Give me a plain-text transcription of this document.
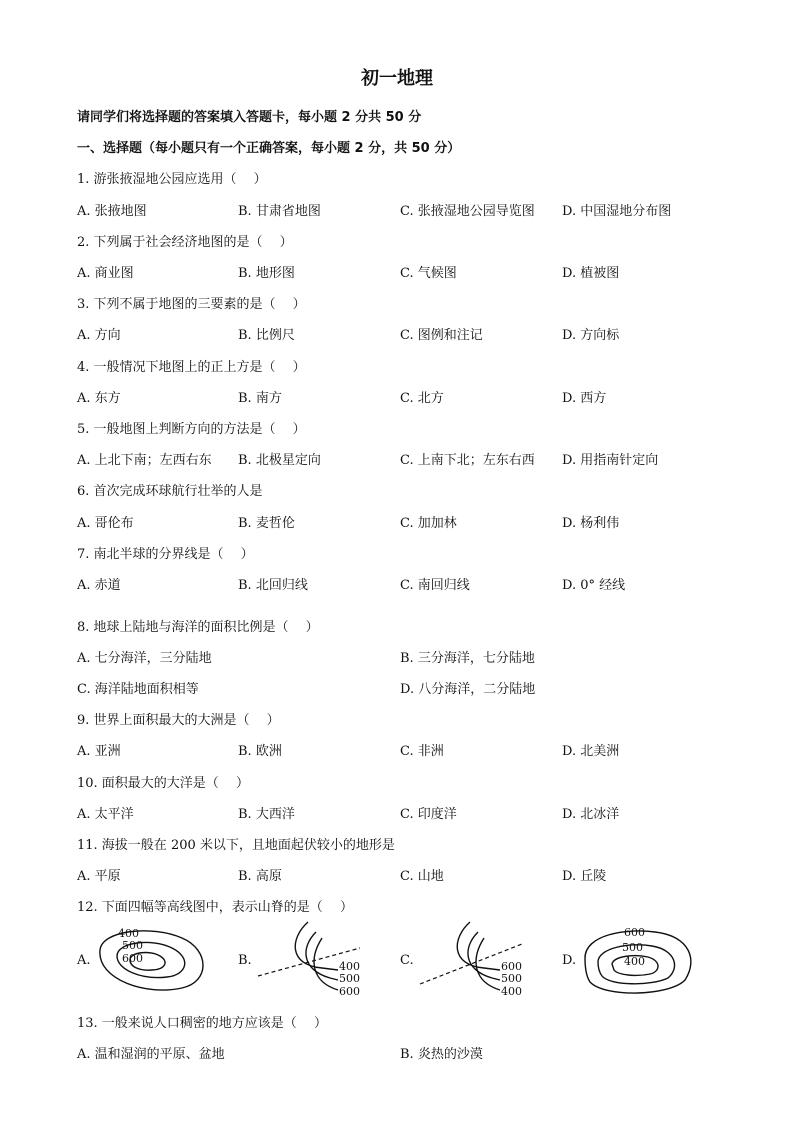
初一地理
请同学们将选择题的答案填入答题卡，每小题 2 分共 50 分
一、选择题（每小题只有一个正确答案，每小题 2 分，共 50 分）
1. 游张掖湿地公园应选用（　 ）
A. 张掖地图	B. 甘肃省地图	C. 张掖湿地公园导览图 D. 中国湿地分布图
2. 下列属于社会经济地图的是（　 ）
A. 商业图	B. 地形图	C. 气候图	D. 植被图
3. 下列不属于地图的三要素的是（　 ）
A. 方向	B. 比例尺	C. 图例和注记	D. 方向标
4. 一般情况下地图上的正上方是（　 ）
A. 东方	B. 南方	C. 北方	D. 西方
5. 一般地图上判断方向的方法是（　 ）
A. 上北下南；左西右东 B. 北极星定向	C. 上南下北；左东右西 D. 用指南针定向
6. 首次完成环球航行壮举的人是
A. 哥伦布	B. 麦哲伦	C. 加加林	D. 杨利伟
7. 南北半球的分界线是（　 ）
A. 赤道	B. 北回归线	C. 南回归线	D. 0° 经线
8. 地球上陆地与海洋的面积比例是（　 ）
A. 七分海洋，三分陆地	B. 三分海洋，七分陆地
C. 海洋陆地面积相等	D. 八分海洋，二分陆地
9. 世界上面积最大的大洲是（　 ）
A. 亚洲	B. 欧洲	C. 非洲	D. 北美洲
10. 面积最大的大洋是（　 ）
A. 太平洋	B. 大西洋	C. 印度洋	D. 北冰洋
11. 海拔一般在 200 米以下，且地面起伏较小的地形是
A. 平原	B. 高原	C. 山地	D. 丘陵
12. 下面四幅等高线图中，表示山脊的是（　 ）
A.
400
500
600	B.	400
500
600
C.	600
500
400
D.
600
500
400
13. 一般来说人口稠密的地方应该是（　 ）
A. 温和湿润的平原、盆地	B. 炎热的沙漠
